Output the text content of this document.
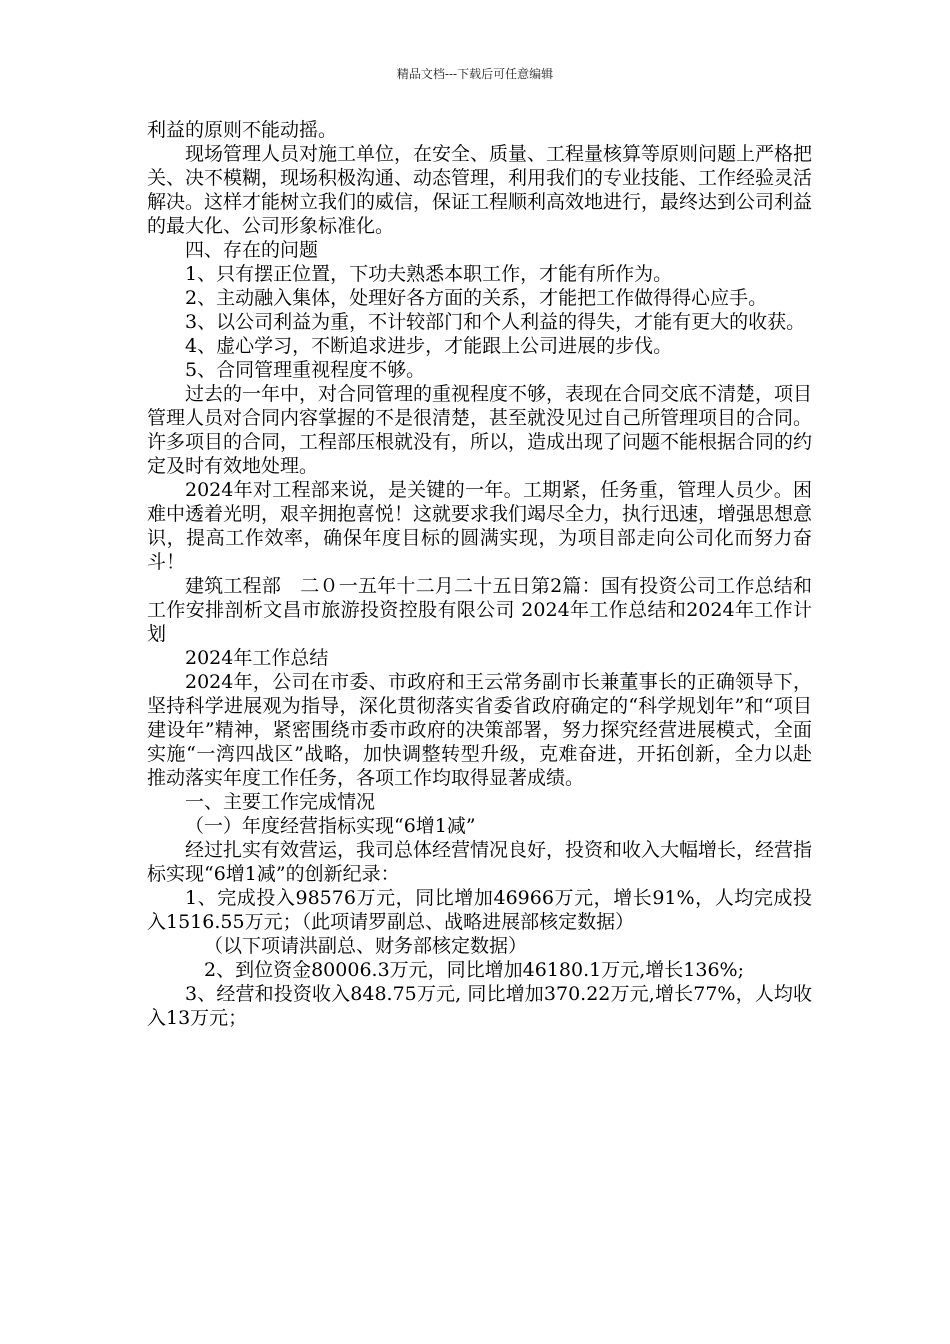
精品文档---下载后可任意编辑

利益的原则不能动摇。

现场管理人员对施工单位，在安全、质量、工程量核算等原则问题上严格把关、决不模糊，现场积极沟通、动态管理，利用我们的专业技能、工作经验灵活解决。这样才能树立我们的威信，保证工程顺利高效地进行，最终达到公司利益的最大化、公司形象标准化。

四、存在的问题

1、只有摆正位置，下功夫熟悉本职工作，才能有所作为。

2、主动融入集体，处理好各方面的关系，才能把工作做得得心应手。

3、以公司利益为重，不计较部门和个人利益的得失，才能有更大的收获。

4、虚心学习，不断追求进步，才能跟上公司进展的步伐。

5、合同管理重视程度不够。

过去的一年中，对合同管理的重视程度不够，表现在合同交底不清楚，项目管理人员对合同内容掌握的不是很清楚，甚至就没见过自己所管理项目的合同。许多项目的合同，工程部压根就没有，所以，造成出现了问题不能根据合同的约定及时有效地处理。

2024年对工程部来说，是关键的一年。工期紧，任务重，管理人员少。困难中透着光明，艰辛拥抱喜悦！这就要求我们竭尽全力，执行迅速，增强思想意识，提高工作效率，确保年度目标的圆满实现，为项目部走向公司化而努力奋斗！

建筑工程部　二０一五年十二月二十五日第2篇：国有投资公司工作总结和工作安排剖析文昌市旅游投资控股有限公司 2024年工作总结和2024年工作计划

2024年工作总结

2024年，公司在市委、市政府和王云常务副市长兼董事长的正确领导下，坚持科学进展观为指导，深化贯彻落实省委省政府确定的“科学规划年”和“项目建设年”精神，紧密围绕市委市政府的决策部署，努力探究经营进展模式，全面实施“一湾四战区”战略，加快调整转型升级，克难奋进，开拓创新，全力以赴推动落实年度工作任务，各项工作均取得显著成绩。

一、主要工作完成情况

（一）年度经营指标实现“6增1减”

经过扎实有效营运，我司总体经营情况良好，投资和收入大幅增长，经营指标实现“6增1减”的创新纪录：

1、完成投入98576万元，同比增加46966万元，增长91%，人均完成投入1516.55万元；（此项请罗副总、战略进展部核定数据）

（以下项请洪副总、财务部核定数据）

2、到位资金80006.3万元，同比增加46180.1万元,增长136%;

3、经营和投资收入848.75万元, 同比增加370.22万元,增长77%，人均收入13万元；
